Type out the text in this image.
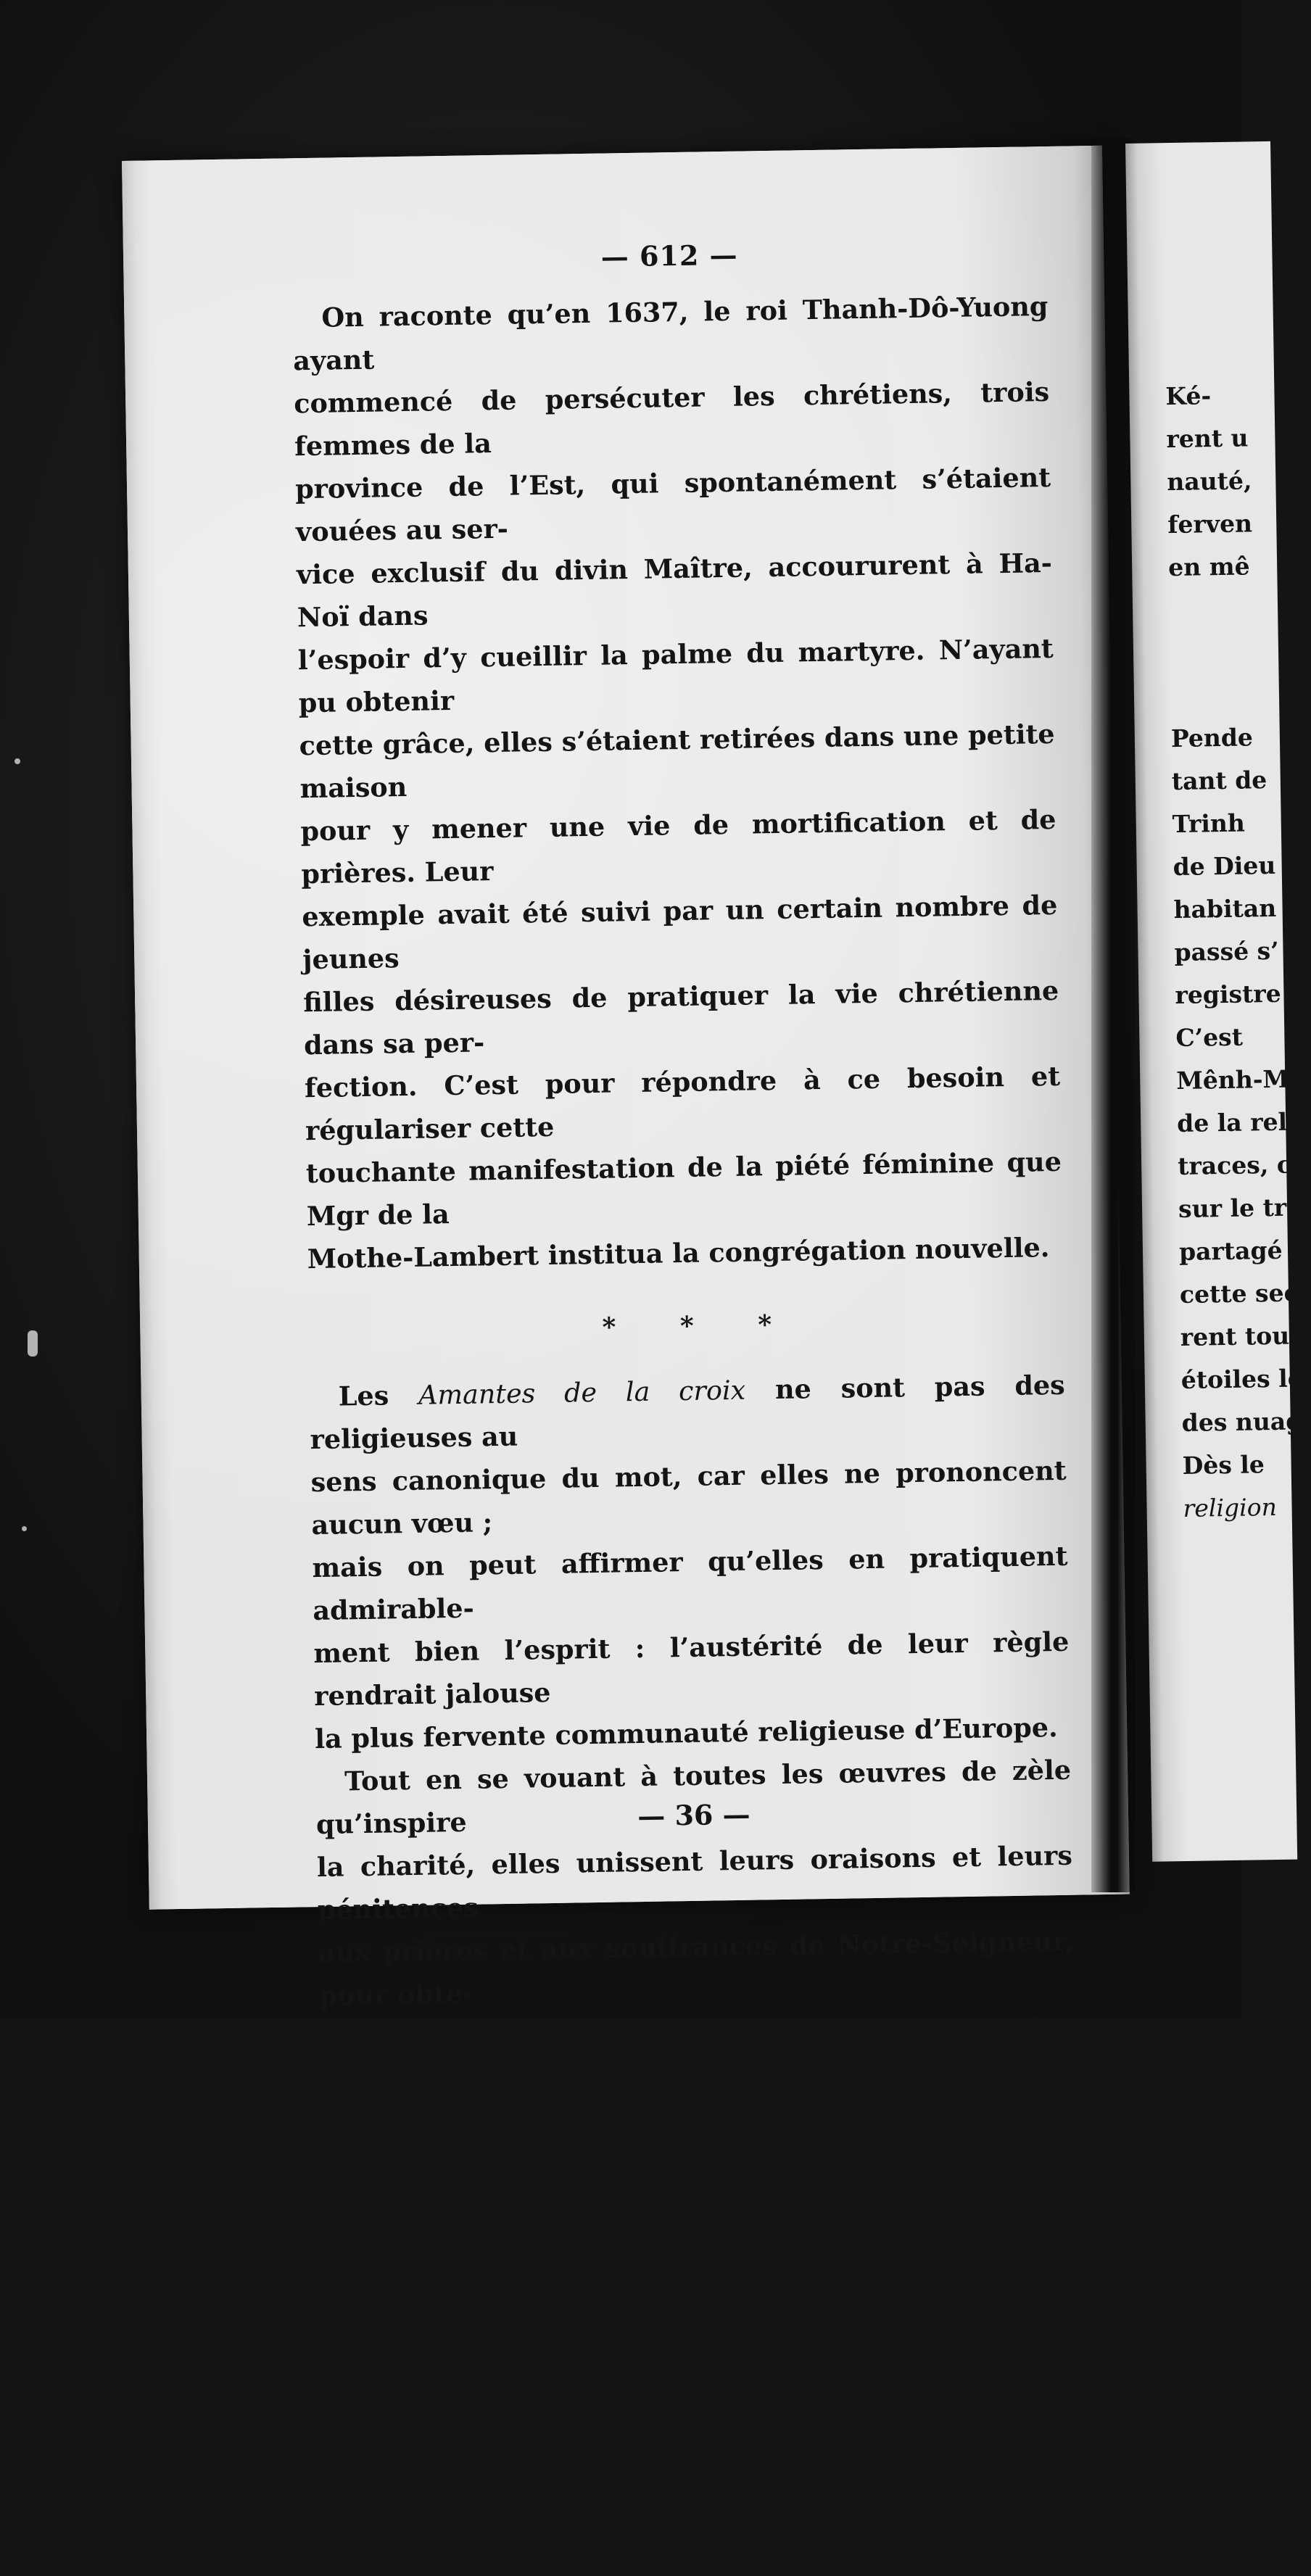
— 612 —

On raconte qu’en 1637, le roi Thanh-Dô-Yuong ayant

commencé de persécuter les chrétiens, trois femmes de la

province de l’Est, qui spontanément s’étaient vouées au ser-

vice exclusif du divin Maître, accoururent à Ha-Noï dans

l’espoir d’y cueillir la palme du martyre. N’ayant pu obtenir

cette grâce, elles s’étaient retirées dans une petite maison

pour y mener une vie de mortification et de prières. Leur

exemple avait été suivi par un certain nombre de jeunes

filles désireuses de pratiquer la vie chrétienne dans sa per-

fection. C’est pour répondre à ce besoin et régulariser cette

touchante manifestation de la piété féminine que Mgr de la

Mothe-Lambert institua la congrégation nouvelle.

* * *

Les Amantes de la croix ne sont pas des religieuses au

sens canonique du mot, car elles ne prononcent aucun vœu ;

mais on peut affirmer qu’elles en pratiquent admirable-

ment bien l’esprit : l’austérité de leur règle rendrait jalouse

la plus fervente communauté religieuse d’Europe.

Tout en se vouant à toutes les œuvres de zèle qu’inspire

la charité, elles unissent leurs oraisons et leurs pénitences

aux prières et aux souffrances de Notre-Seigneur, pour obte-

nir la conversion des païens et attirer sur les travaux des

missionnaires la divine rosée de la grâce qui seule peut les

rendre féconds.

Ah comme elles ont bien réalisé leur sublime programme !

Que de supplications elles ont fait monter vers le ciel ! Que

de larmes elles ont versées ! Que de tribulations elles ont

endurées jusque dans les prisons et sur les chemins de l’exil !

— 36 —
Ké-
rent u
nauté,
ferven
en mê
Pende
tant de
Trinh
de Dieu
habitan
passé s’
registre
C’est
Mênh-M
de la rel
traces, c
sur le tr
partagé
cette sec
rent tou
étoiles lo
des nuag
Dès le
religion
